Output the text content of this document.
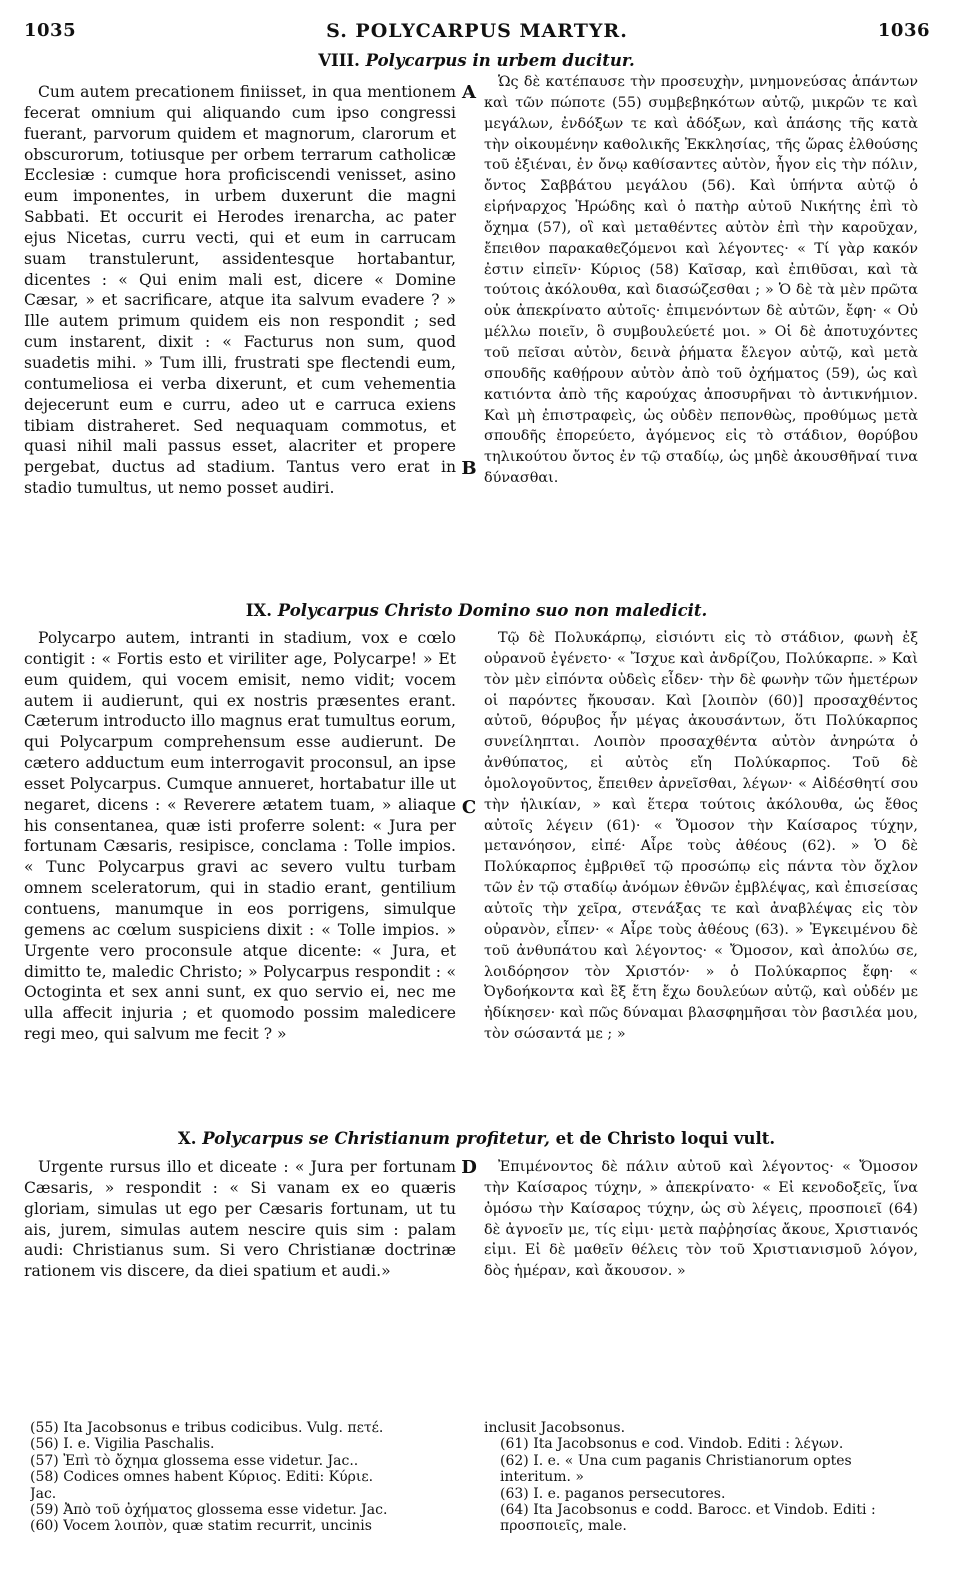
1035	S. POLYCARPUS MARTYR.	1036
VIII. Polycarpus in urbem ducitur.

Cum autem precationem finiisset, in qua mentionem fecerat omnium qui aliquando cum ipso congressi fuerant, parvorum quidem et magnorum, clarorum et obscurorum, totiusque per orbem terrarum catholicæ Ecclesiæ : cumque hora proficiscendi venisset, asino eum imponentes, in urbem duxerunt die magni Sabbati. Et occurit ei Herodes irenarcha, ac pater ejus Nicetas, curru vecti, qui et eum in carrucam suam transtulerunt, assidentesque hortabantur, dicentes : « Qui enim mali est, dicere « Domine Cæsar, » et sacrificare, atque ita salvum evadere ? » Ille autem primum quidem eis non respondit ; sed cum instarent, dixit : « Facturus non sum, quod suadetis mihi. » Tum illi, frustrati spe flectendi eum, contumeliosa ei verba dixerunt, et cum vehementia dejecerunt eum e curru, adeo ut e carruca exiens tibiam distraheret. Sed nequaquam commotus, et quasi nihil mali passus esset, alacriter et propere pergebat, ductus ad stadium. Tantus vero erat in stadio tumultus, ut nemo posset audiri.

Ὡς δὲ κατέπαυσε τὴν προσευχὴν, μνημονεύσας ἁπάντων καὶ τῶν πώποτε (55) συμβεβηκότων αὐτῷ, μικρῶν τε καὶ μεγάλων, ἐνδόξων τε καὶ ἀδόξων, καὶ ἁπάσης τῆς κατὰ τὴν οἰκουμένην καθολικῆς Ἐκκλησίας, τῆς ὥρας ἐλθούσης τοῦ ἐξιέναι, ἐν ὄνῳ καθίσαντες αὐτὸν, ἦγον εἰς τὴν πόλιν, ὄντος Σαββάτου μεγάλου (56). Καὶ ὑπήντα αὐτῷ ὁ εἰρήναρχος Ἡρώδης καὶ ὁ πατὴρ αὐτοῦ Νικήτης ἐπὶ τὸ ὄχημα (57), οἳ καὶ μεταθέντες αὐτὸν ἐπὶ τὴν καροῦχαν, ἔπειθον παρακαθεζόμενοι καὶ λέγοντες· « Τί γὰρ κακόν ἐστιν εἰπεῖν· Κύριος (58) Καῖσαρ, καὶ ἐπιθῦσαι, καὶ τὰ τούτοις ἀκόλουθα, καὶ διασώζεσθαι ; » Ὁ δὲ τὰ μὲν πρῶτα οὐκ ἀπεκρίνατο αὐτοῖς· ἐπιμενόντων δὲ αὐτῶν, ἔφη· « Οὐ μέλλω ποιεῖν, ὃ συμβουλεύετέ μοι. » Οἱ δὲ ἀποτυχόντες τοῦ πεῖσαι αὐτὸν, δεινὰ ῥήματα ἔλεγον αὐτῷ, καὶ μετὰ σπουδῆς καθῄρουν αὐτὸν ἀπὸ τοῦ ὀχήματος (59), ὡς καὶ κατιόντα ἀπὸ τῆς καρούχας ἀποσυρῆναι τὸ ἀντικνήμιον. Καὶ μὴ ἐπιστραφεὶς, ὡς οὐδὲν πεπονθὼς, προθύμως μετὰ σπουδῆς ἐπορεύετο, ἀγόμενος εἰς τὸ στάδιον, θορύβου τηλικούτου ὄντος ἐν τῷ σταδίῳ, ὡς μηδὲ ἀκουσθῆναί τινα δύνασθαι.

IX. Polycarpus Christo Domino suo non maledicit.

Polycarpo autem, intranti in stadium, vox e cœlo contigit : « Fortis esto et viriliter age, Polycarpe! » Et eum quidem, qui vocem emisit, nemo vidit; vocem autem ii audierunt, qui ex nostris præsentes erant. Cæterum introducto illo magnus erat tumultus eorum, qui Polycarpum comprehensum esse audierunt. De cætero adductum eum interrogavit proconsul, an ipse esset Polycarpus. Cumque annueret, hortabatur ille ut negaret, dicens : « Reverere ætatem tuam, » aliaque his consentanea, quæ isti proferre solent: « Jura per fortunam Cæsaris, resipisce, conclama : Tolle impios. « Tunc Polycarpus gravi ac severo vultu turbam omnem sceleratorum, qui in stadio erant, gentilium contuens, manumque in eos porrigens, simulque gemens ac cœlum suspiciens dixit : « Tolle impios. » Urgente vero proconsule atque dicente: « Jura, et dimitto te, maledic Christo; » Polycarpus respondit : « Octoginta et sex anni sunt, ex quo servio ei, nec me ulla affecit injuria ; et quomodo possim maledicere regi meo, qui salvum me fecit ? »

Τῷ δὲ Πολυκάρπῳ, εἰσιόντι εἰς τὸ στάδιον, φωνὴ ἐξ οὐρανοῦ ἐγένετο· « Ἴσχυε καὶ ἀνδρίζου, Πολύκαρπε. » Καὶ τὸν μὲν εἰπόντα οὐδεὶς εἶδεν· τὴν δὲ φωνὴν τῶν ἡμετέρων οἱ παρόντες ἤκουσαν. Καὶ [λοιπὸν (60)] προσαχθέντος αὐτοῦ, θόρυβος ἦν μέγας ἀκουσάντων, ὅτι Πολύκαρπος συνείληπται. Λοιπὸν προσαχθέντα αὐτὸν ἀνηρώτα ὁ ἀνθύπατος, εἰ αὐτὸς εἴη Πολύκαρπος. Τοῦ δὲ ὁμολογοῦντος, ἔπειθεν ἀρνεῖσθαι, λέγων· « Αἰδέσθητί σου τὴν ἡλικίαν, » καὶ ἕτερα τούτοις ἀκόλουθα, ὡς ἔθος αὐτοῖς λέγειν (61)· « Ὄμοσον τὴν Καίσαρος τύχην, μετανόησον, εἰπέ· Αἶρε τοὺς ἀθέους (62). » Ὁ δὲ Πολύκαρπος ἐμβριθεῖ τῷ προσώπῳ εἰς πάντα τὸν ὄχλον τῶν ἐν τῷ σταδίῳ ἀνόμων ἐθνῶν ἐμβλέψας, καὶ ἐπισείσας αὐτοῖς τὴν χεῖρα, στενάξας τε καὶ ἀναβλέψας εἰς τὸν οὐρανὸν, εἶπεν· « Αἶρε τοὺς ἀθέους (63). » Ἐγκειμένου δὲ τοῦ ἀνθυπάτου καὶ λέγοντος· « Ὄμοσον, καὶ ἀπολύω σε, λοιδόρησον τὸν Χριστόν· » ὁ Πολύκαρπος ἔφη· « Ὀγδοήκοντα καὶ ἓξ ἔτη ἔχω δουλεύων αὐτῷ, καὶ οὐδέν με ἠδίκησεν· καὶ πῶς δύναμαι βλασφημῆσαι τὸν βασιλέα μου, τὸν σώσαντά με ; »

X. Polycarpus se Christianum profitetur, et de Christo loqui vult.

Urgente rursus illo et diceate : « Jura per fortunam Cæsaris, » respondit : « Si vanam ex eo quæris gloriam, simulas ut ego per Cæsaris fortunam, ut tu ais, jurem, simulas autem nescire quis sim : palam audi: Christianus sum. Si vero Christianæ doctrinæ rationem vis discere, da diei spatium et audi.»

Ἐπιμένοντος δὲ πάλιν αὐτοῦ καὶ λέγοντος· « Ὄμοσον τὴν Καίσαρος τύχην, » ἀπεκρίνατο· « Εἰ κενοδοξεῖς, ἵνα ὀμόσω τὴν Καίσαρος τύχην, ὡς σὺ λέγεις, προσποιεῖ (64) δὲ ἀγνοεῖν με, τίς εἰμι· μετὰ παῤῥησίας ἄκουε, Χριστιανός εἰμι. Εἰ δὲ μαθεῖν θέλεις τὸν τοῦ Χριστιανισμοῦ λόγον, δὸς ἡμέραν, καὶ ἄκουσον. »

A
B
C
D

(55) Ita Jacobsonus e tribus codicibus. Vulg. πετέ.

(56) I. e. Vigilia Paschalis.

(57) Ἐπὶ τὸ ὄχημα glossema esse videtur. Jac..

(58) Codices omnes habent Κύριος. Editi: Κύριε.

Jac.

(59) Ἀπὸ τοῦ ὀχήματος glossema esse videtur. Jac.

(60) Vocem λοιπὸν, quæ statim recurrit, uncinis

inclusit Jacobsonus.

(61) Ita Jacobsonus e cod. Vindob. Editi : λέγων.

(62) I. e. « Una cum paganis Christianorum optes interitum. »

(63) I. e. paganos persecutores.

(64) Ita Jacobsonus e codd. Barocc. et Vindob. Editi : προσποιεῖς, male.
